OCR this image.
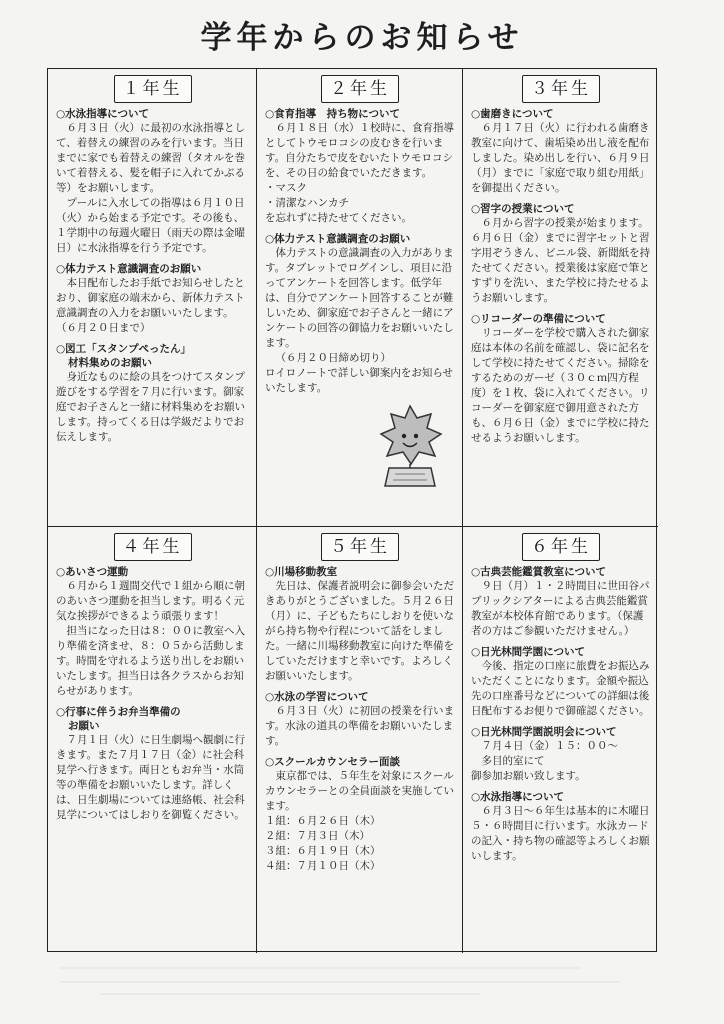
学年からのお知らせ
１年生
○水泳指導について
６月３日（火）に最初の水泳指導として、着替えの練習のみを行います。当日までに家でも着替えの練習（タオルを巻いて着替える、髪を帽子に入れてかぶる等）をお願いします。
プールに入水しての指導は６月１０日（火）から始まる予定です。その後も、１学期中の毎週火曜日（雨天の際は金曜日）に水泳指導を行う予定です。
○体力テスト意識調査のお願い
本日配布したお手紙でお知らせしたとおり、御家庭の端末から、新体力テスト意識調査の入力をお願いいたします。（６月２０日まで）
○図工「スタンプぺったん」
材料集めのお願い
身近なものに絵の具をつけてスタンプ遊びをする学習を７月に行います。御家庭でお子さんと一緒に材料集めをお願いします。持ってくる日は学級だよりでお伝えします。
２年生
○食育指導　持ち物について
６月１８日（水）１校時に、食育指導としてトウモロコシの皮むきを行います。自分たちで皮をむいたトウモロコシを、その日の給食でいただきます。
・マスク
・清潔なハンカチ
を忘れずに持たせてください。
○体力テスト意識調査のお願い
体力テストの意識調査の入力があります。タブレットでログインし、項目に沿ってアンケートを回答します。低学年は、自分でアンケート回答することが難しいため、御家庭でお子さんと一緒にアンケートの回答の御協力をお願いいたします。
（６月２０日締め切り）
ロイロノートで詳しい御案内をお知らせいたします。
３年生
○歯磨きについて
６月１７日（火）に行われる歯磨き教室に向けて、歯垢染め出し液を配布しました。染め出しを行い、６月９日（月）までに「家庭で取り組む用紙」を御提出ください。
○習字の授業について
６月から習字の授業が始まります。６月６日（金）までに習字セットと習字用ぞうきん、ビニル袋、新聞紙を持たせてください。授業後は家庭で筆とすずりを洗い、また学校に持たせるようお願いします。
○リコーダーの準備について
リコーダーを学校で購入された御家庭は本体の名前を確認し、袋に記名をして学校に持たせてください。掃除をするためのガーゼ（３０ｃｍ四方程度）を１枚、袋に入れてください。リコーダーを御家庭で御用意された方も、６月６日（金）までに学校に持たせるようお願いします。
４年生
○あいさつ運動
６月から１週間交代で１組から順に朝のあいさつ運動を担当します。明るく元気な挨拶ができるよう頑張ります！
担当になった日は８：００に教室へ入り準備を済ませ、８：０５から活動します。時間を守れるよう送り出しをお願いいたします。担当日は各クラスからお知らせがあります。
○行事に伴うお弁当準備の
お願い
７月１日（火）に日生劇場へ観劇に行きます。また７月１７日（金）に社会科見学へ行きます。両日ともお弁当・水筒等の準備をお願いいたします。詳しくは、日生劇場については連絡帳、社会科見学についてはしおりを御覧ください。
５年生
○川場移動教室
先日は、保護者説明会に御参会いただきありがとうございました。５月２６日（月）に、子どもたちにしおりを使いながら持ち物や行程について話をしました。一緒に川場移動教室に向けた準備をしていただけますと幸いです。よろしくお願いいたします。
○水泳の学習について
６月３日（火）に初回の授業を行います。水泳の道具の準備をお願いいたします。
○スクールカウンセラー面談
東京都では、５年生を対象にスクールカウンセラーとの全員面談を実施しています。
１組：６月２６日（木）
２組：７月３日（木）
３組：６月１９日（木）
４組：７月１０日（木）
６年生
○古典芸能鑑賞教室について
９日（月）１・２時間目に世田谷パブリックシアターによる古典芸能鑑賞教室が本校体育館であります。（保護者の方はご参観いただけません。）
○日光林間学園について
今後、指定の口座に旅費をお振込みいただくことになります。金額や振込先の口座番号などについての詳細は後日配布するお便りで御確認ください。
○日光林間学園説明会について
７月４日（金）１５：００～
多目的室にて
御参加お願い致します。
○水泳指導について
６月３日～６年生は基本的に木曜日５・６時間目に行います。水泳カードの記入・持ち物の確認等よろしくお願いします。
